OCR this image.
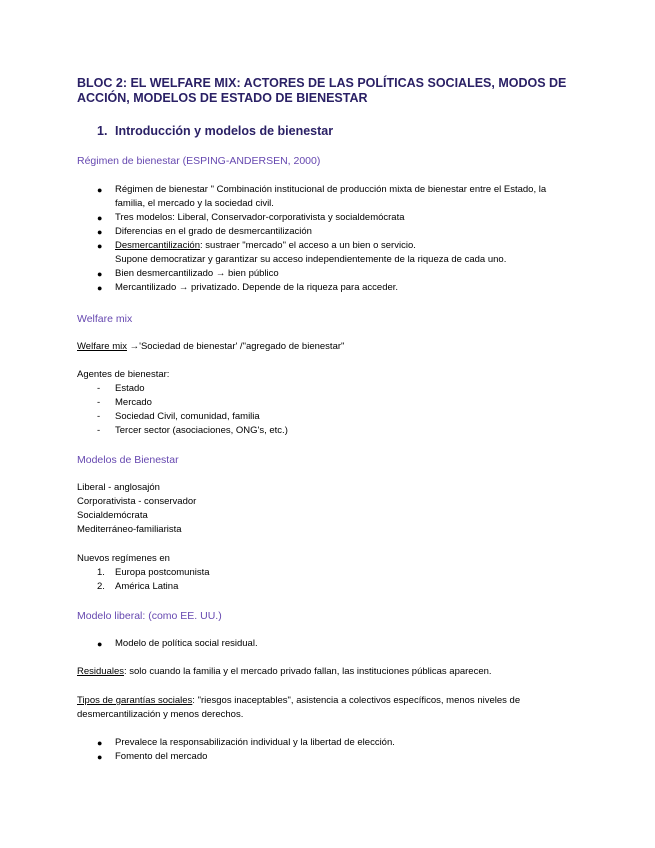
BLOC 2: EL WELFARE MIX: ACTORES DE LAS POLÍTICAS SOCIALES, MODOS DE ACCIÓN, MODELOS DE ESTADO DE BIENESTAR
1. Introducción y modelos de bienestar
Régimen de bienestar (ESPING-ANDERSEN, 2000)
● Régimen de bienestar " Combinación institucional de producción mixta de bienestar entre el Estado, la familia, el mercado y la sociedad civil.
● Tres modelos: Liberal, Conservador-corporativista y socialdemócrata
● Diferencias en el grado de desmercantilización
● Desmercantilización: sustraer "mercado" el acceso a un bien o servicio.
Supone democratizar y garantizar su acceso independientemente de la riqueza de cada uno.
● Bien desmercantilizado → bien público
● Mercantilizado → privatizado. Depende de la riqueza para acceder.
Welfare mix
Welfare mix →'Sociedad de bienestar' /"agregado de bienestar"
Agentes de bienestar:
- Estado
- Mercado
- Sociedad Civil, comunidad, familia
- Tercer sector (asociaciones, ONG's, etc.)
Modelos de Bienestar
Liberal - anglosajón
Corporativista - conservador
Socialdemócrata
Mediterráneo-familiarista
Nuevos regímenes en
1. Europa postcomunista
2. América Latina
Modelo liberal: (como EE. UU.)
● Modelo de política social residual.
Residuales: solo cuando la familia y el mercado privado fallan, las instituciones públicas aparecen.
Tipos de garantías sociales: "riesgos inaceptables", asistencia a colectivos específicos, menos niveles de desmercantilización y menos derechos.
● Prevalece la responsabilización individual y la libertad de elección.
● Fomento del mercado
